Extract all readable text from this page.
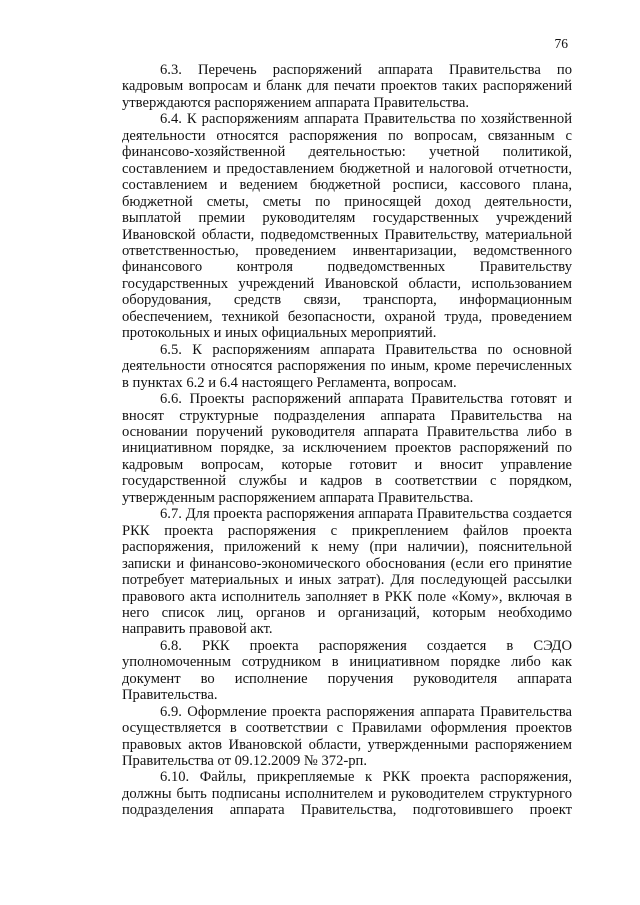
76

6.3. Перечень распоряжений аппарата Правительства по кадровым вопросам и бланк для печати проектов таких распоряжений утверждаются распоряжением аппарата Правительства.

6.4. К распоряжениям аппарата Правительства по хозяйственной деятельности относятся распоряжения по вопросам, связанным с финансово-хозяйственной деятельностью: учетной политикой, составлением и предоставлением бюджетной и налоговой отчетности, составлением и ведением бюджетной росписи, кассового плана, бюджетной сметы, сметы по приносящей доход деятельности, выплатой премии руководителям государственных учреждений Ивановской области, подведомственных Правительству, материальной ответственностью, проведением инвентаризации, ведомственного финансового контроля подведомственных Правительству государственных учреждений Ивановской области, использованием оборудования, средств связи, транспорта, информационным обеспечением, техникой безопасности, охраной труда, проведением протокольных и иных официальных мероприятий.

6.5. К распоряжениям аппарата Правительства по основной деятельности относятся распоряжения по иным, кроме перечисленных в пунктах 6.2 и 6.4 настоящего Регламента, вопросам.

6.6. Проекты распоряжений аппарата Правительства готовят и вносят структурные подразделения аппарата Правительства на основании поручений руководителя аппарата Правительства либо в инициативном порядке, за исключением проектов распоряжений по кадровым вопросам, которые готовит и вносит управление государственной службы и кадров в соответствии с порядком, утвержденным распоряжением аппарата Правительства.

6.7. Для проекта распоряжения аппарата Правительства создается РКК проекта распоряжения с прикреплением файлов проекта распоряжения, приложений к нему (при наличии), пояснительной записки и финансово-экономического обоснования (если его принятие потребует материальных и иных затрат). Для последующей рассылки правового акта исполнитель заполняет в РКК поле «Кому», включая в него список лиц, органов и организаций, которым необходимо направить правовой акт.

6.8. РКК проекта распоряжения создается в СЭДО уполномоченным сотрудником в инициативном порядке либо как документ во исполнение поручения руководителя аппарата Правительства.

6.9. Оформление проекта распоряжения аппарата Правительства осуществляется в соответствии с Правилами оформления проектов правовых актов Ивановской области, утвержденными распоряжением Правительства от 09.12.2009 № 372-рп.

6.10. Файлы, прикрепляемые к РКК проекта распоряжения, должны быть подписаны исполнителем и руководителем структурного подразделения аппарата Правительства, подготовившего проект
